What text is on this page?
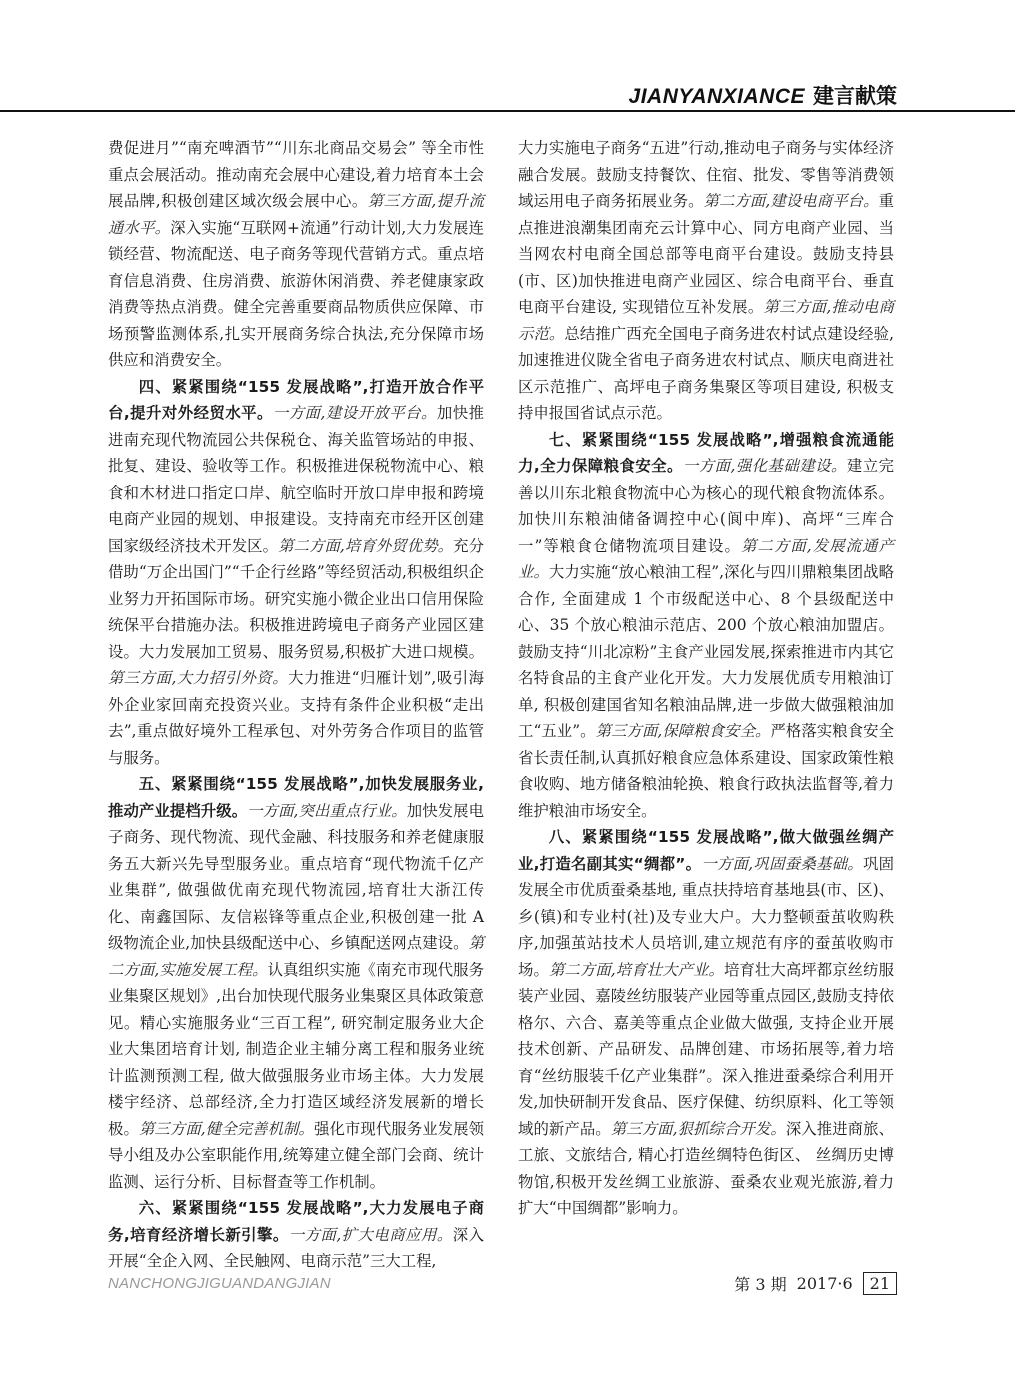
JIANYANXIANCE 建言献策

费促进月”“南充啤酒节”“川东北商品交易会” 等全市性重点会展活动。推动南充会展中心建设,着力培育本土会展品牌,积极创建区域次级会展中心。第三方面,提升流通水平。深入实施“互联网+流通”行动计划,大力发展连锁经营、物流配送、电子商务等现代营销方式。重点培育信息消费、住房消费、旅游休闲消费、养老健康家政消费等热点消费。健全完善重要商品物质供应保障、市场预警监测体系,扎实开展商务综合执法,充分保障市场供应和消费安全。

四、紧紧围绕“155 发展战略”,打造开放合作平台,提升对外经贸水平。一方面,建设开放平台。加快推进南充现代物流园公共保税仓、海关监管场站的申报、批复、建设、验收等工作。积极推进保税物流中心、粮食和木材进口指定口岸、航空临时开放口岸申报和跨境电商产业园的规划、申报建设。支持南充市经开区创建国家级经济技术开发区。第二方面,培育外贸优势。充分借助“万企出国门”“千企行丝路”等经贸活动,积极组织企业努力开拓国际市场。研究实施小微企业出口信用保险统保平台措施办法。积极推进跨境电子商务产业园区建设。大力发展加工贸易、服务贸易,积极扩大进口规模。第三方面,大力招引外资。大力推进“归雁计划”,吸引海外企业家回南充投资兴业。支持有条件企业积极“走出去”,重点做好境外工程承包、对外劳务合作项目的监管与服务。

五、紧紧围绕“155 发展战略”,加快发展服务业,推动产业提档升级。一方面,突出重点行业。加快发展电子商务、现代物流、现代金融、科技服务和养老健康服务五大新兴先导型服务业。重点培育“现代物流千亿产业集群”, 做强做优南充现代物流园,培育壮大浙江传化、南鑫国际、友信崧锋等重点企业,积极创建一批 A 级物流企业,加快县级配送中心、乡镇配送网点建设。第二方面,实施发展工程。认真组织实施《南充市现代服务业集聚区规划》,出台加快现代服务业集聚区具体政策意见。精心实施服务业“三百工程”, 研究制定服务业大企业大集团培育计划, 制造企业主辅分离工程和服务业统计监测预测工程, 做大做强服务业市场主体。大力发展楼宇经济、总部经济,全力打造区域经济发展新的增长极。第三方面,健全完善机制。强化市现代服务业发展领导小组及办公室职能作用,统筹建立健全部门会商、统计监测、运行分析、目标督查等工作机制。

六、紧紧围绕“155 发展战略”,大力发展电子商务,培育经济增长新引擎。一方面,扩大电商应用。深入开展“全企入网、全民触网、电商示范”三大工程,

大力实施电子商务“五进”行动,推动电子商务与实体经济融合发展。鼓励支持餐饮、住宿、批发、零售等消费领域运用电子商务拓展业务。第二方面,建设电商平台。重点推进浪潮集团南充云计算中心、同方电商产业园、当当网农村电商全国总部等电商平台建设。鼓励支持县(市、区)加快推进电商产业园区、综合电商平台、垂直电商平台建设, 实现错位互补发展。第三方面,推动电商示范。总结推广西充全国电子商务进农村试点建设经验, 加速推进仪陇全省电子商务进农村试点、顺庆电商进社区示范推广、高坪电子商务集聚区等项目建设, 积极支持申报国省试点示范。

七、紧紧围绕“155 发展战略”,增强粮食流通能力,全力保障粮食安全。一方面,强化基础建设。建立完善以川东北粮食物流中心为核心的现代粮食物流体系。加快川东粮油储备调控中心(阆中库)、高坪“三库合一”等粮食仓储物流项目建设。第二方面,发展流通产业。大力实施“放心粮油工程”,深化与四川鼎粮集团战略合作, 全面建成 1 个市级配送中心、8 个县级配送中心、35 个放心粮油示范店、200 个放心粮油加盟店。鼓励支持“川北凉粉”主食产业园发展,探索推进市内其它名特食品的主食产业化开发。大力发展优质专用粮油订单, 积极创建国省知名粮油品牌,进一步做大做强粮油加工“五业”。第三方面,保障粮食安全。严格落实粮食安全省长责任制,认真抓好粮食应急体系建设、国家政策性粮食收购、地方储备粮油轮换、粮食行政执法监督等,着力维护粮油市场安全。

八、紧紧围绕“155 发展战略”,做大做强丝绸产业,打造名副其实“绸都”。一方面,巩固蚕桑基础。巩固发展全市优质蚕桑基地, 重点扶持培育基地县(市、区)、乡(镇)和专业村(社)及专业大户。大力整顿蚕茧收购秩序,加强茧站技术人员培训,建立规范有序的蚕茧收购市场。第二方面,培育壮大产业。培育壮大高坪都京丝纺服装产业园、嘉陵丝纺服装产业园等重点园区,鼓励支持依格尔、六合、嘉美等重点企业做大做强, 支持企业开展技术创新、产品研发、品牌创建、市场拓展等,着力培育“丝纺服装千亿产业集群”。深入推进蚕桑综合利用开发,加快研制开发食品、医疗保健、纺织原料、化工等领域的新产品。第三方面,狠抓综合开发。深入推进商旅、工旅、文旅结合, 精心打造丝绸特色街区、 丝绸历史博物馆,积极开发丝绸工业旅游、蚕桑农业观光旅游,着力扩大“中国绸都”影响力。

NANCHONGJIGUANDANGJIAN	第 3 期 2017·6	21
